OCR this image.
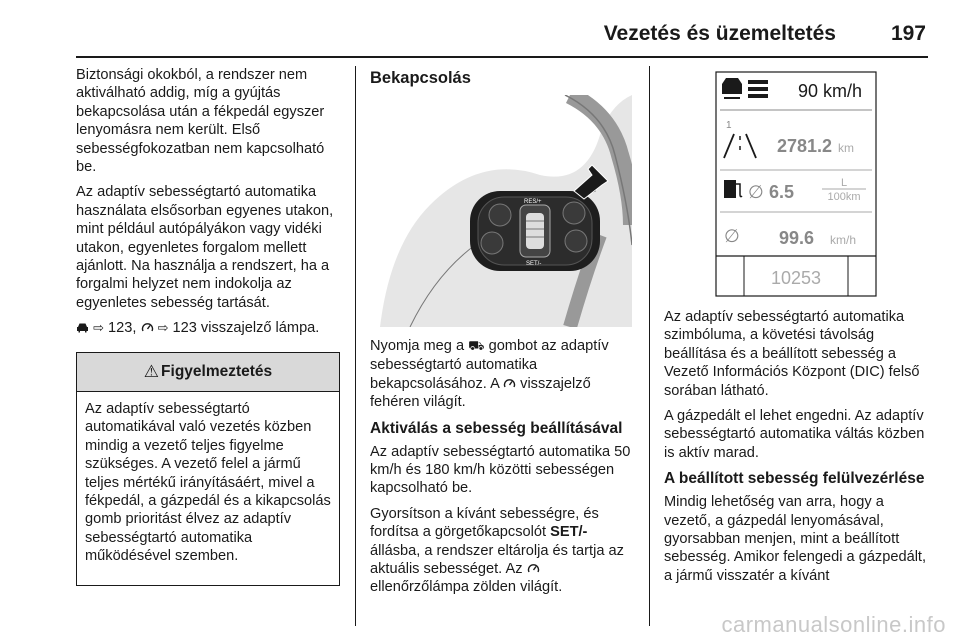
Vezetés és üzemeltetés	197

Biztonsági okokból, a rendszer nem aktiválható addig, míg a gyújtás bekapcsolása után a fékpedál egyszer lenyomásra nem került. Első sebességfokozatban nem kapcsolható be.

Az adaptív sebességtartó automatika használata elsősorban egyenes utakon, mint például autópályákon vagy vidéki utakon, egyenletes forgalom mellett ajánlott. Na használja a rendszert, ha a forgalmi helyzet nem indokolja az egyenletes sebesség tartását.

⇨ 123, ⇨ 123 visszajelző lámpa.

⚠ Figyelmeztetés

Az adaptív sebességtartó automatikával való vezetés közben mindig a vezető teljes figyelme szükséges. A vezető felel a jármű teljes mértékű irányításáért, mivel a fékpedál, a gázpedál és a kikapcsolás gomb prioritást élvez az adaptív sebességtartó automatika működésével szemben.

Bekapcsolás
RES/+
SET/-

Nyomja meg a ⛟ gombot az adaptív sebességtartó automatika bekapcsolásához. A visszajelző fehéren világít.

Aktiválás a sebesség beállításával

Az adaptív sebességtartó automatika 50 km/h és 180 km/h közötti sebességen kapcsolható be.

Gyorsítson a kívánt sebességre, és fordítsa a görgetőkapcsolót SET/- állásba, a rendszer eltárolja és tartja az aktuális sebességet. Az  ellenőrzőlámpa zölden világít.

90 km/h
1
2781.2 km
∅ 6.5	L
100km
∅ 99.6 km/h
10253

Az adaptív sebességtartó automatika szimbóluma, a követési távolság beállítása és a beállított sebesség a Vezető Információs Központ (DIC) felső sorában látható.

A gázpedált el lehet engedni. Az adaptív sebességtartó automatika váltás közben is aktív marad.

A beállított sebesség felülvezérlése

Mindig lehetőség van arra, hogy a vezető, a gázpedál lenyomásával, gyorsabban menjen, mint a beállított sebesség. Amikor felengedi a gázpedált, a jármű visszatér a kívánt

carmanualsonline.info
